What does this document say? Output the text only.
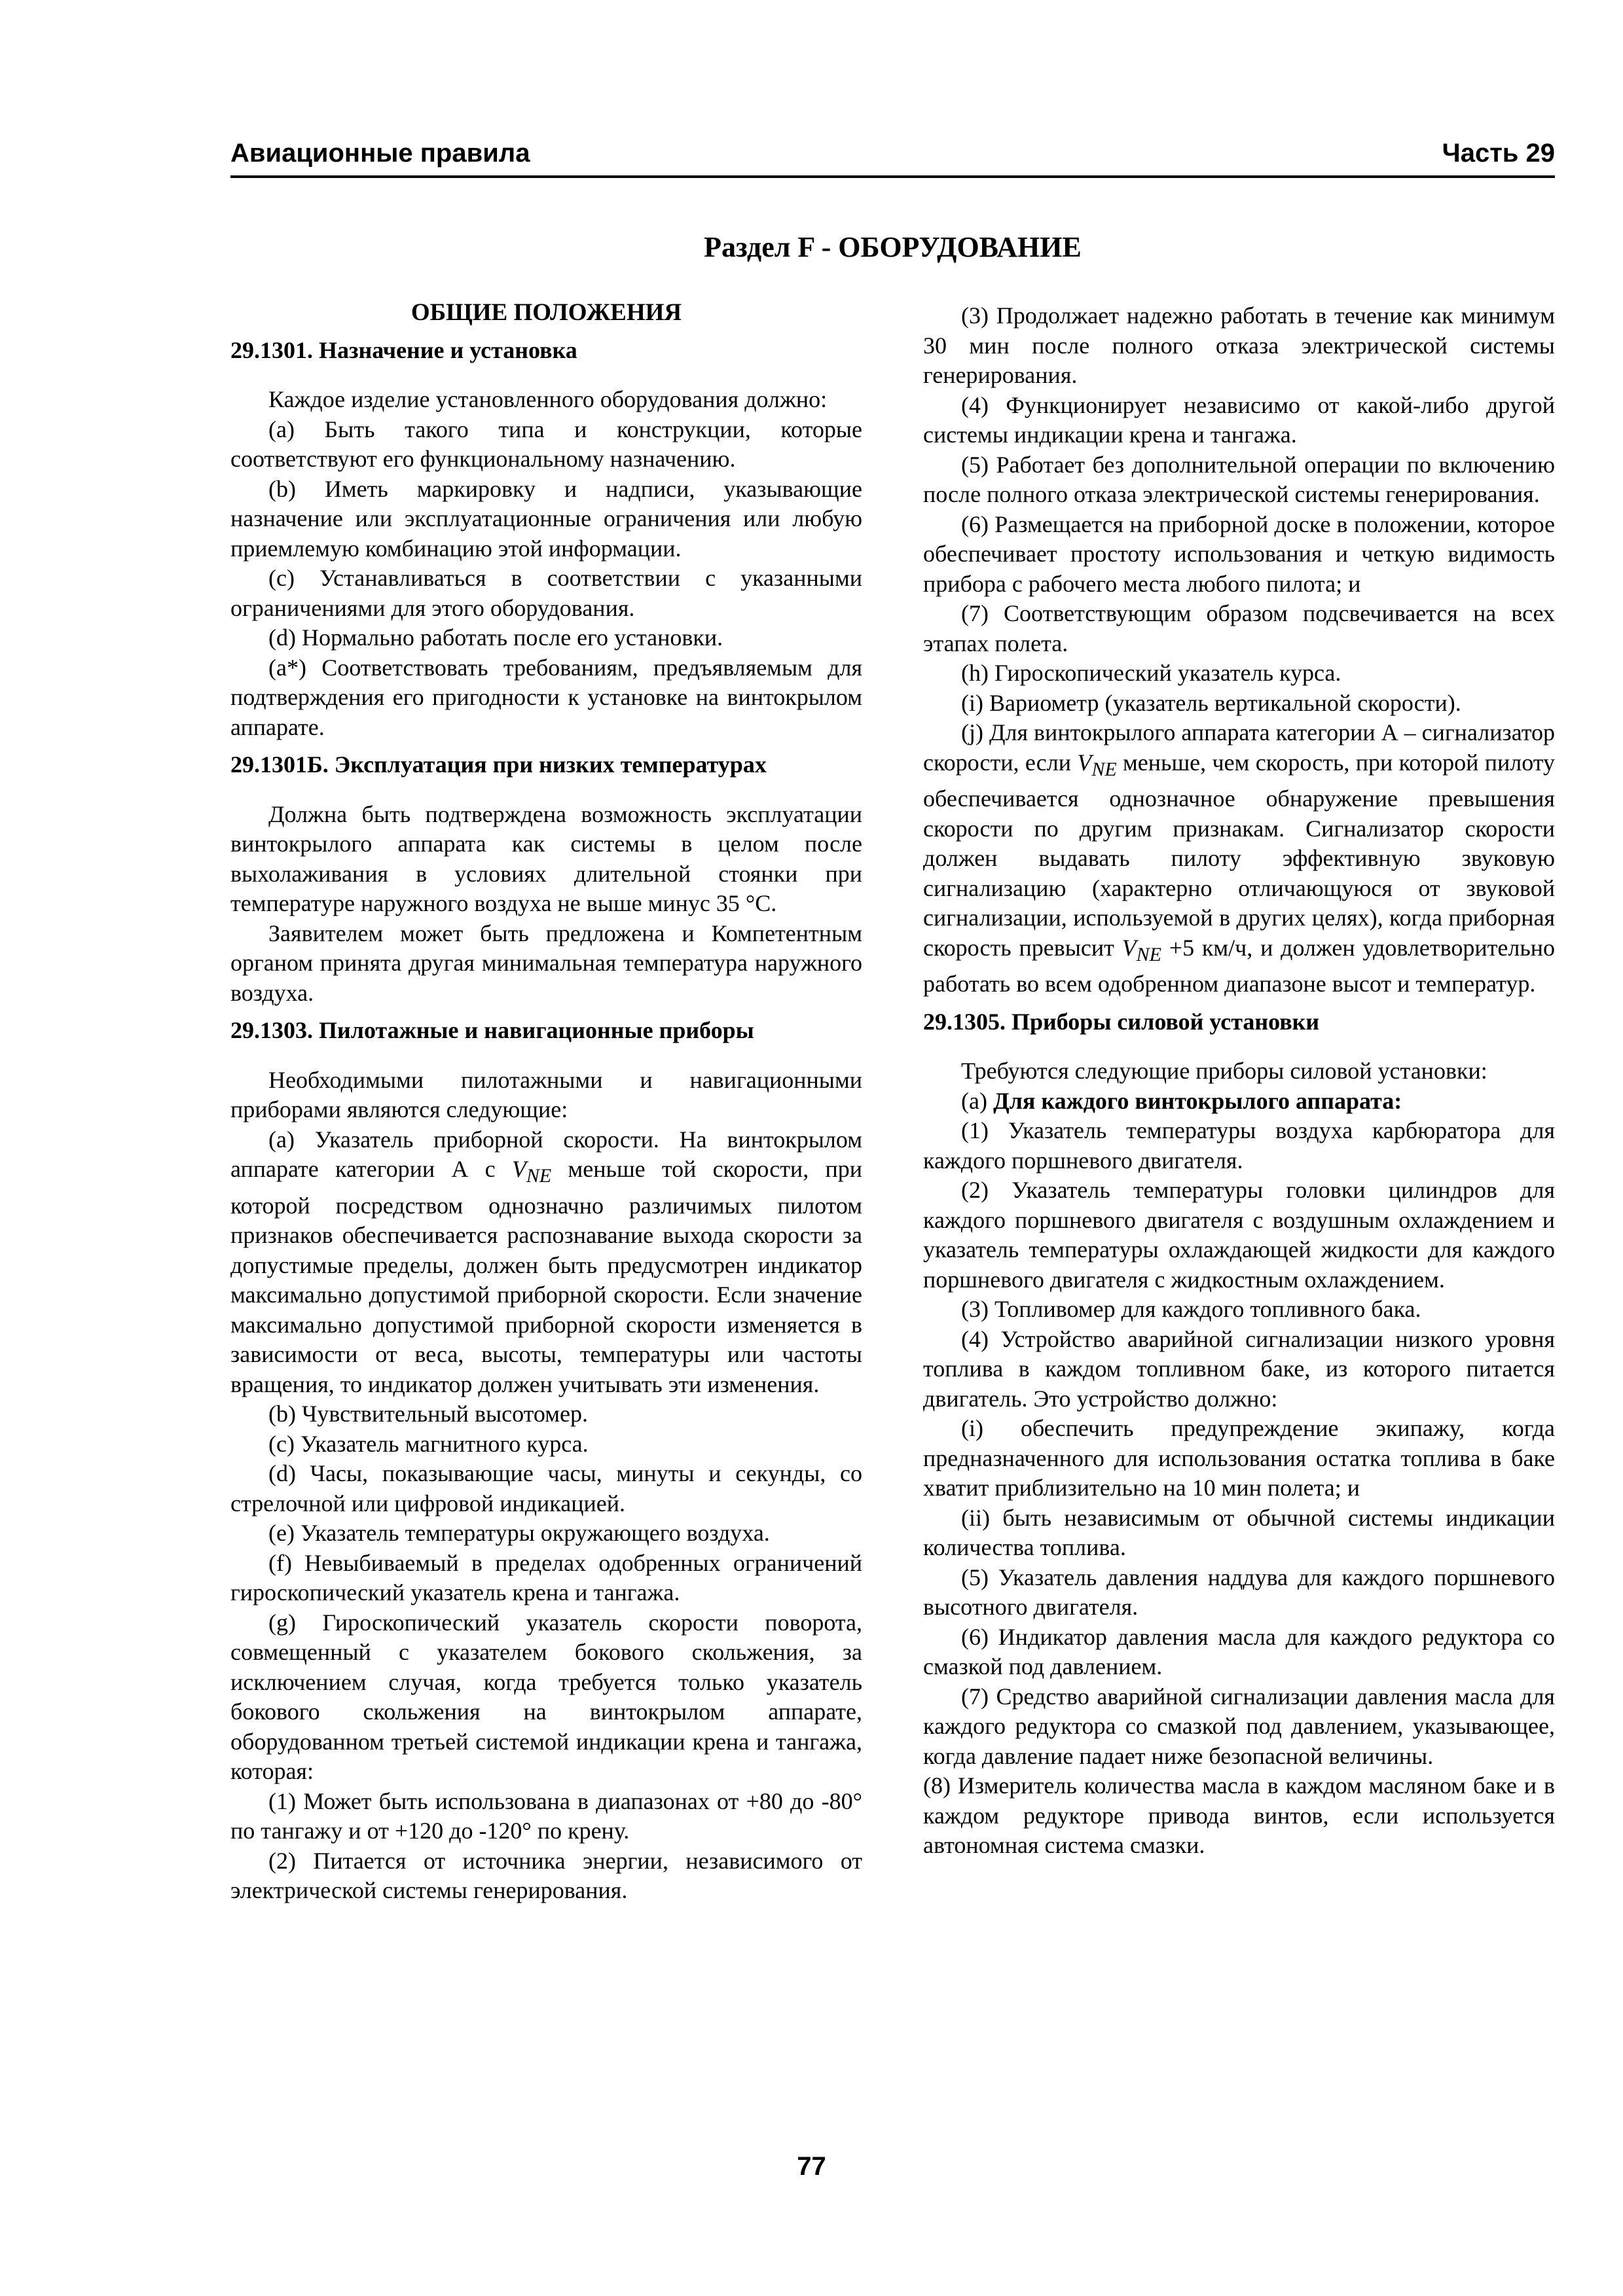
Авиационные правила	Часть 29
Раздел F - ОБОРУДОВАНИЕ
ОБЩИЕ ПОЛОЖЕНИЯ
29.1301. Назначение и установка

Каждое изделие установленного оборудования должно:

(a) Быть такого типа и конструкции, которые соответствуют его функциональному назначению.

(b) Иметь маркировку и надписи, указывающие назначение или эксплуатационные ограничения или любую приемлемую комбинацию этой информации.

(c) Устанавливаться в соответствии с указанными ограничениями для этого оборудования.

(d) Нормально работать после его установки.

(a*) Соответствовать требованиям, предъявляемым для подтверждения его пригодности к установке на винтокрылом аппарате.

29.1301Б. Эксплуатация при низких температурах

Должна быть подтверждена возможность эксплуатации винтокрылого аппарата как системы в целом после выхолаживания в условиях длительной стоянки при температуре наружного воздуха не выше минус 35 °С.

Заявителем может быть предложена и Компетентным органом принята другая минимальная температура наружного воздуха.

29.1303. Пилотажные и навигационные приборы

Необходимыми пилотажными и навигационными приборами являются следующие:

(a) Указатель приборной скорости. На винтокрылом аппарате категории А с $V_{NE}$ меньше той скорости, при которой посредством однозначно различимых пилотом признаков обеспечивается распознавание выхода скорости за допустимые пределы, должен быть предусмотрен индикатор максимально допустимой приборной скорости. Если значение максимально допустимой приборной скорости изменяется в зависимости от веса, высоты, температуры или частоты вращения, то индикатор должен учитывать эти изменения.

(b) Чувствительный высотомер.

(c) Указатель магнитного курса.

(d) Часы, показывающие часы, минуты и секунды, со стрелочной или цифровой индикацией.

(e) Указатель температуры окружающего воздуха.

(f) Невыбиваемый в пределах одобренных ограничений гироскопический указатель крена и тангажа.

(g) Гироскопический указатель скорости поворота, совмещенный с указателем бокового скольжения, за исключением случая, когда требуется только указатель бокового скольжения на винтокрылом аппарате, оборудованном третьей системой индикации крена и тангажа, которая:

(1) Может быть использована в диапазонах от +80 до -80° по тангажу и от +120 до -120° по крену.

(2) Питается от источника энергии, независимого от электрической системы генерирования.

(3) Продолжает надежно работать в течение как минимум 30 мин после полного отказа электрической системы генерирования.

(4) Функционирует независимо от какой-либо другой системы индикации крена и тангажа.

(5) Работает без дополнительной операции по включению после полного отказа электрической системы генерирования.

(6) Размещается на приборной доске в положении, которое обеспечивает простоту использования и четкую видимость прибора с рабочего места любого пилота; и

(7) Соответствующим образом подсвечивается на всех этапах полета.

(h) Гироскопический указатель курса.

(i) Вариометр (указатель вертикальной скорости).

(j) Для винтокрылого аппарата категории А – сигнализатор скорости, если $V_{NE}$ меньше, чем скорость, при которой пилоту обеспечивается однозначное обнаружение превышения скорости по другим признакам. Сигнализатор скорости должен выдавать пилоту эффективную звуковую сигнализацию (характерно отличающуюся от звуковой сигнализации, используемой в других целях), когда приборная скорость превысит $V_{NE} +5$ км/ч, и должен удовлетворительно работать во всем одобренном диапазоне высот и температур.

29.1305. Приборы силовой установки

Требуются следующие приборы силовой установки:

(a) Для каждого винтокрылого аппарата:

(1) Указатель температуры воздуха карбюратора для каждого поршневого двигателя.

(2) Указатель температуры головки цилиндров для каждого поршневого двигателя с воздушным охлаждением и указатель температуры охлаждающей жидкости для каждого поршневого двигателя с жидкостным охлаждением.

(3) Топливомер для каждого топливного бака.

(4) Устройство аварийной сигнализации низкого уровня топлива в каждом топливном баке, из которого питается двигатель. Это устройство должно:

(i) обеспечить предупреждение экипажу, когда предназначенного для использования остатка топлива в баке хватит приблизительно на 10 мин полета; и

(ii) быть независимым от обычной системы индикации количества топлива.

(5) Указатель давления наддува для каждого поршневого высотного двигателя.

(6) Индикатор давления масла для каждого редуктора со смазкой под давлением.

(7) Средство аварийной сигнализации давления масла для каждого редуктора со смазкой под давлением, указывающее, когда давление падает ниже безопасной величины.

(8) Измеритель количества масла в каждом масляном баке и в каждом редукторе привода винтов, если используется автономная система смазки.

77
